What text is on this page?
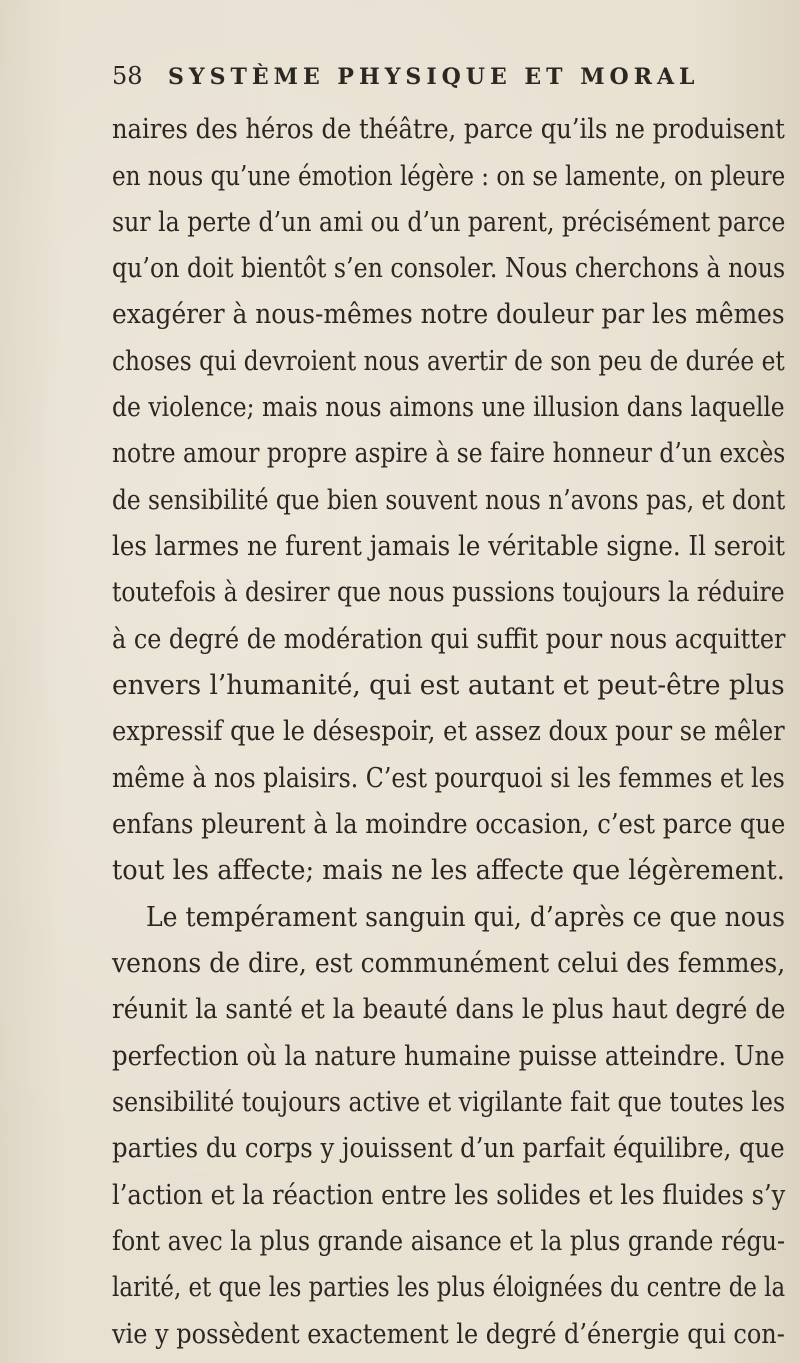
58 SYSTÈME PHYSIQUE ET MORAL
naires des héros de théâtre, parce qu’ils ne produisent
en nous qu’une émotion légère : on se lamente, on pleure
sur la perte d’un ami ou d’un parent, précisément parce
qu’on doit bientôt s’en consoler. Nous cherchons à nous
exagérer à nous-mêmes notre douleur par les mêmes
choses qui devroient nous avertir de son peu de durée et
de violence; mais nous aimons une illusion dans laquelle
notre amour propre aspire à se faire honneur d’un excès
de sensibilité que bien souvent nous n’avons pas, et dont
les larmes ne furent jamais le véritable signe. Il seroit
toutefois à desirer que nous pussions toujours la réduire
à ce degré de modération qui suffit pour nous acquitter
envers l’humanité, qui est autant et peut-être plus
expressif que le désespoir, et assez doux pour se mêler
même à nos plaisirs. C’est pourquoi si les femmes et les
enfans pleurent à la moindre occasion, c’est parce que
tout les affecte; mais ne les affecte que légèrement.
Le tempérament sanguin qui, d’après ce que nous
venons de dire, est communément celui des femmes,
réunit la santé et la beauté dans le plus haut degré de
perfection où la nature humaine puisse atteindre. Une
sensibilité toujours active et vigilante fait que toutes les
parties du corps y jouissent d’un parfait équilibre, que
l’action et la réaction entre les solides et les fluides s’y
font avec la plus grande aisance et la plus grande régu-
larité, et que les parties les plus éloignées du centre de la
vie y possèdent exactement le degré d’énergie qui con-
